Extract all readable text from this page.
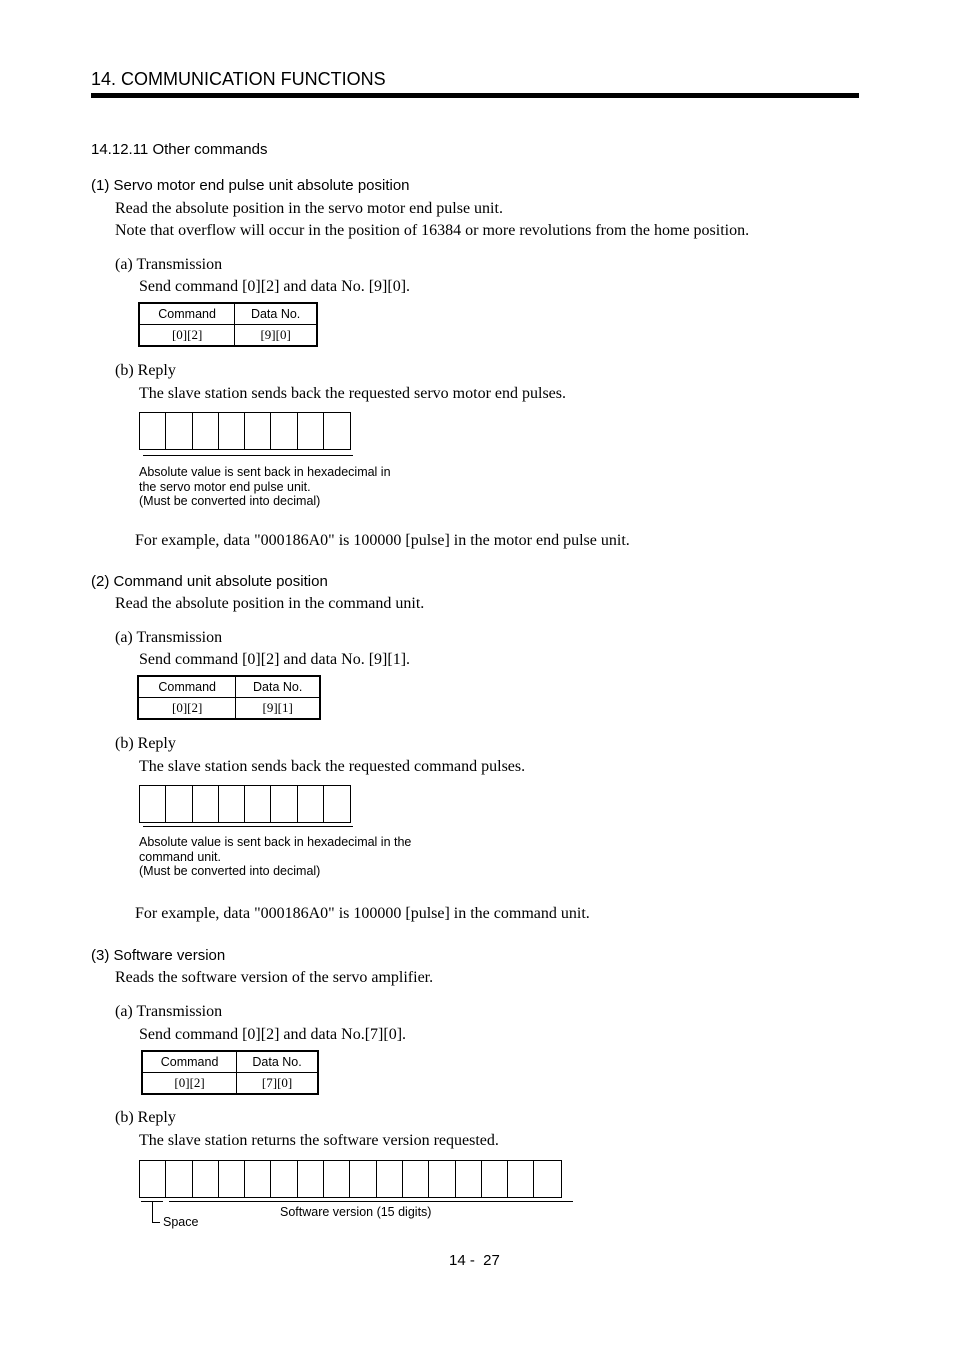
14. COMMUNICATION FUNCTIONS
14.12.11 Other commands
(1) Servo motor end pulse unit absolute position
Read the absolute position in the servo motor end pulse unit.
Note that overflow will occur in the position of 16384 or more revolutions from the home position.
(a) Transmission
Send command [0][2] and data No. [9][0].
Command	Data No.
[0][2]	[9][0]
(b) Reply
The slave station sends back the requested servo motor end pulses.
Absolute value is sent back in hexadecimal in
the servo motor end pulse unit.
(Must be converted into decimal)
For example, data "000186A0" is 100000 [pulse] in the motor end pulse unit.
(2) Command unit absolute position
Read the absolute position in the command unit.
(a) Transmission
Send command [0][2] and data No. [9][1].
Command	Data No.
[0][2]	[9][1]
(b) Reply
The slave station sends back the requested command pulses.
Absolute value is sent back in hexadecimal in the
command unit.
(Must be converted into decimal)
For example, data "000186A0" is 100000 [pulse] in the command unit.
(3) Software version
Reads the software version of the servo amplifier.
(a) Transmission
Send command [0][2] and data No.[7][0].
Command	Data No.
[0][2]	[7][0]
(b) Reply
The slave station returns the software version requested.
Space
Software version (15 digits)
14 -  27
